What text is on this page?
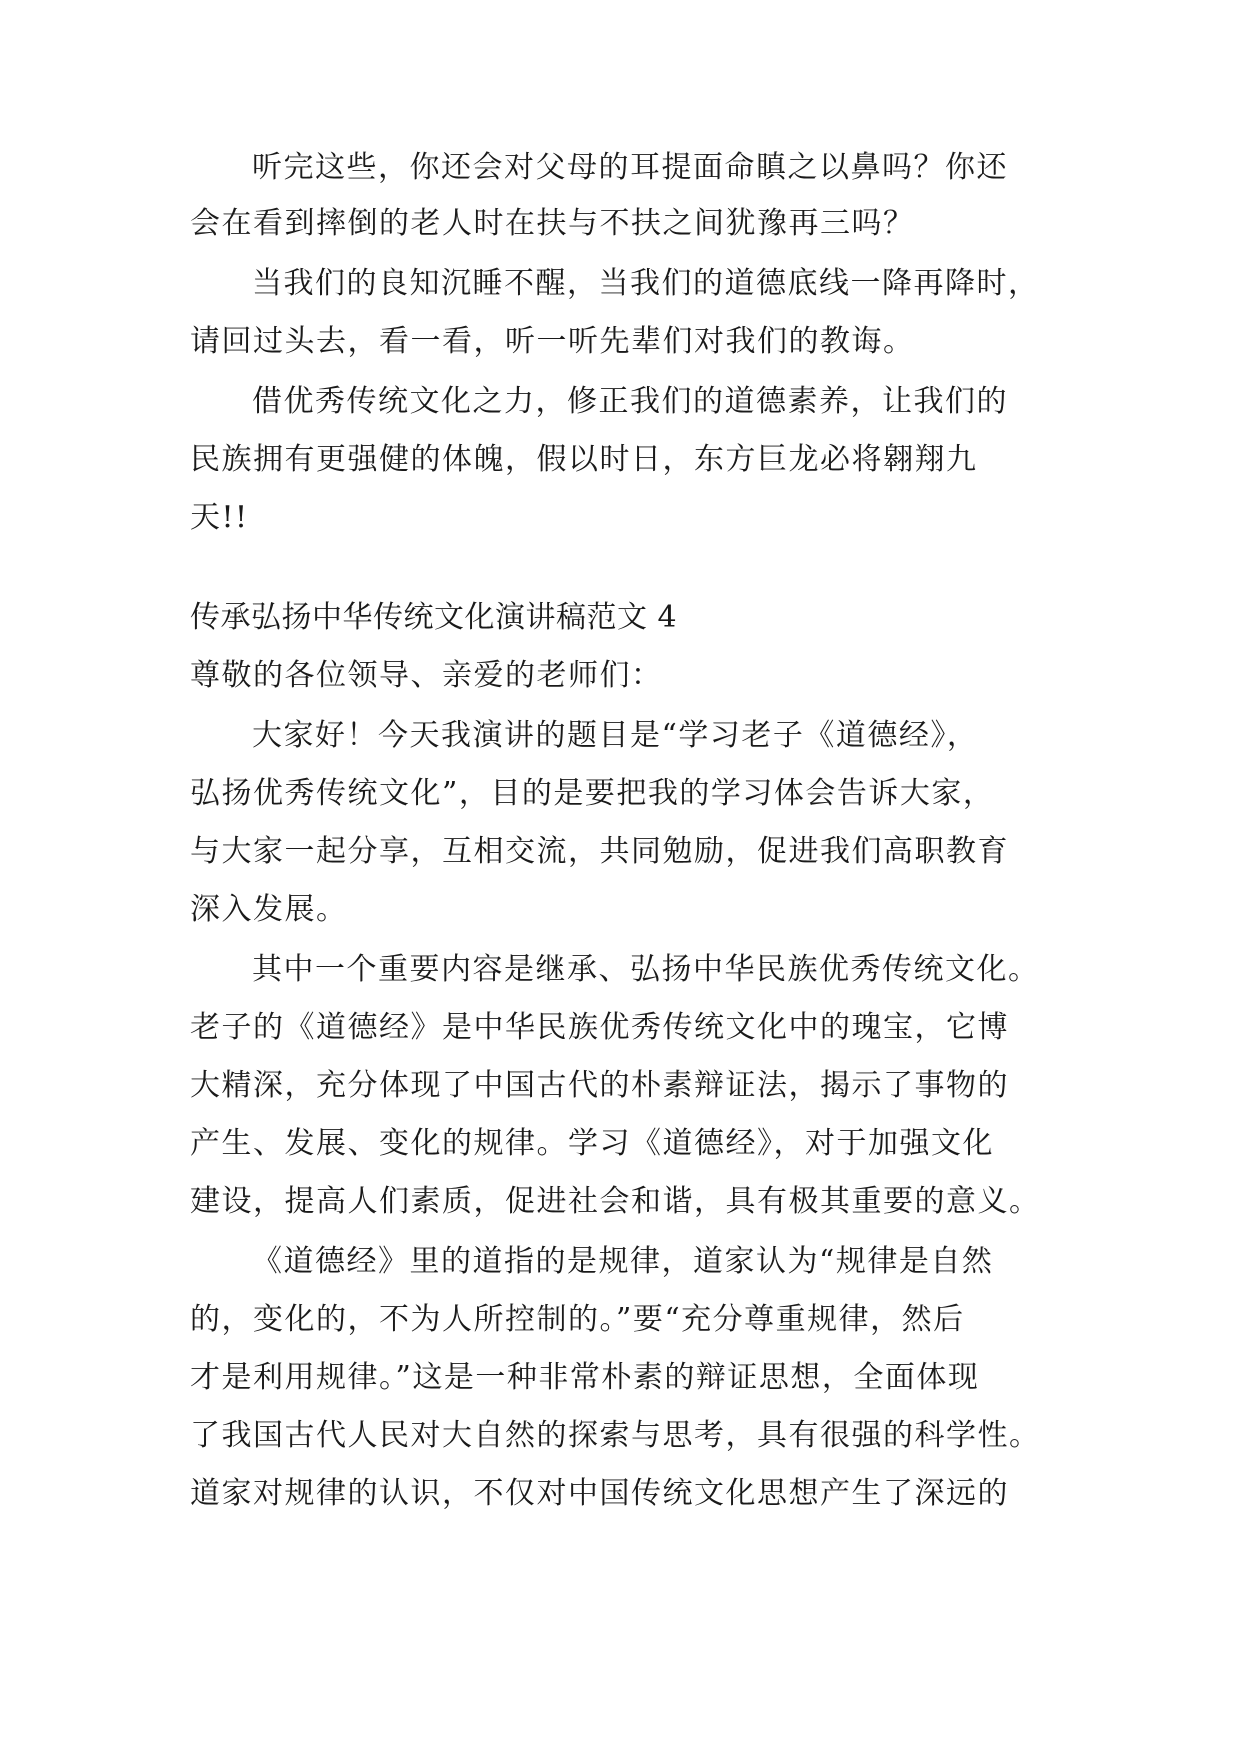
听完这些，你还会对父母的耳提面命瞋之以鼻吗？你还

会在看到摔倒的老人时在扶与不扶之间犹豫再三吗？

当我们的良知沉睡不醒，当我们的道德底线一降再降时，

请回过头去，看一看，听一听先辈们对我们的教诲。

借优秀传统文化之力，修正我们的道德素养，让我们的

民族拥有更强健的体魄，假以时日，东方巨龙必将翱翔九

天!!

传承弘扬中华传统文化演讲稿范文 4

尊敬的各位领导、亲爱的老师们：

大家好！今天我演讲的题目是“学习老子《道德经》，

弘扬优秀传统文化”，目的是要把我的学习体会告诉大家，

与大家一起分享，互相交流，共同勉励，促进我们高职教育

深入发展。

其中一个重要内容是继承、弘扬中华民族优秀传统文化。

老子的《道德经》是中华民族优秀传统文化中的瑰宝，它博

大精深，充分体现了中国古代的朴素辩证法，揭示了事物的

产生、发展、变化的规律。学习《道德经》，对于加强文化

建设，提高人们素质，促进社会和谐，具有极其重要的意义。

《道德经》里的道指的是规律，道家认为“规律是自然

的，变化的，不为人所控制的。”要“充分尊重规律，然后

才是利用规律。”这是一种非常朴素的辩证思想，全面体现

了我国古代人民对大自然的探索与思考，具有很强的科学性。

道家对规律的认识，不仅对中国传统文化思想产生了深远的
